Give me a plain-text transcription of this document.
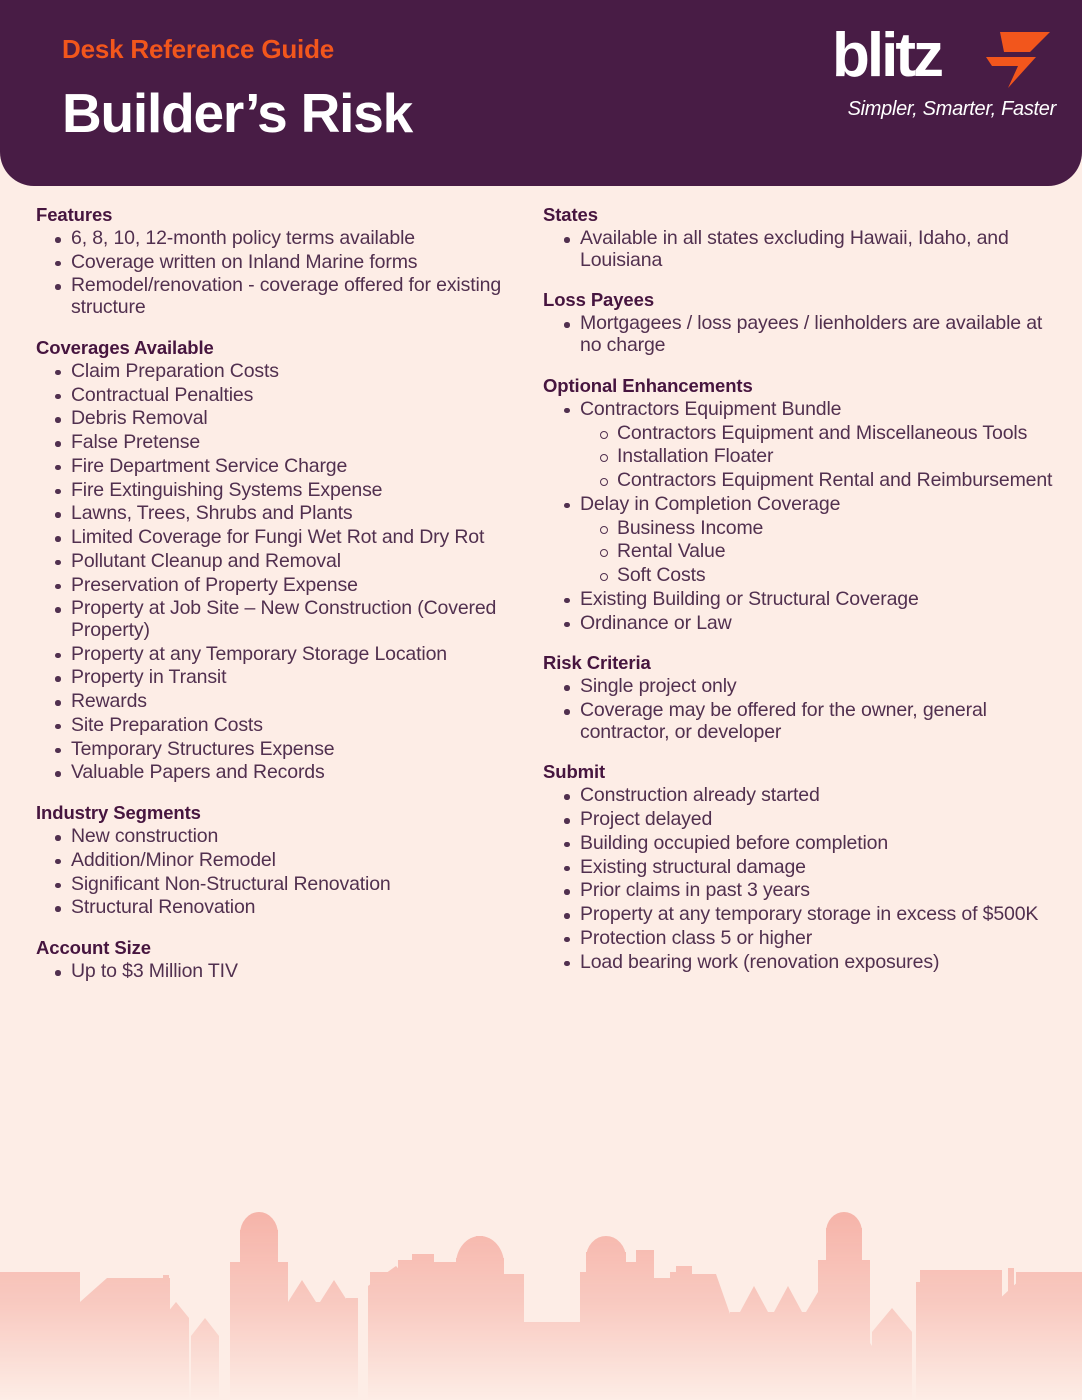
Desk Reference Guide
Builder’s Risk
blitz
Simpler, Smarter, Faster
Features
6, 8, 10, 12-month policy terms available
Coverage written on Inland Marine forms
Remodel/renovation - coverage offered for existing structure
Coverages Available
Claim Preparation Costs
Contractual Penalties
Debris Removal
False Pretense
Fire Department Service Charge
Fire Extinguishing Systems Expense
Lawns, Trees, Shrubs and Plants
Limited Coverage for Fungi Wet Rot and Dry Rot
Pollutant Cleanup and Removal
Preservation of Property Expense
Property at Job Site – New Construction (Covered Property)
Property at any Temporary Storage Location
Property in Transit
Rewards
Site Preparation Costs
Temporary Structures Expense
Valuable Papers and Records
Industry Segments
New construction
Addition/Minor Remodel
Significant Non-Structural Renovation
Structural Renovation
Account Size
Up to $3 Million TIV
States
Available in all states excluding Hawaii, Idaho, and Louisiana
Loss Payees
Mortgagees / loss payees / lienholders are available at no charge
Optional Enhancements
Contractors Equipment Bundle
Contractors Equipment and Miscellaneous Tools
Installation Floater
Contractors Equipment Rental and Reimbursement
Delay in Completion Coverage
Business Income
Rental Value
Soft Costs
Existing Building or Structural Coverage
Ordinance or Law
Risk Criteria
Single project only
Coverage may be offered for the owner, general contractor, or developer
Submit
Construction already started
Project delayed
Building occupied before completion
Existing structural damage
Prior claims in past 3 years
Property at any temporary storage in excess of $500K
Protection class 5 or higher
Load bearing work (renovation exposures)
